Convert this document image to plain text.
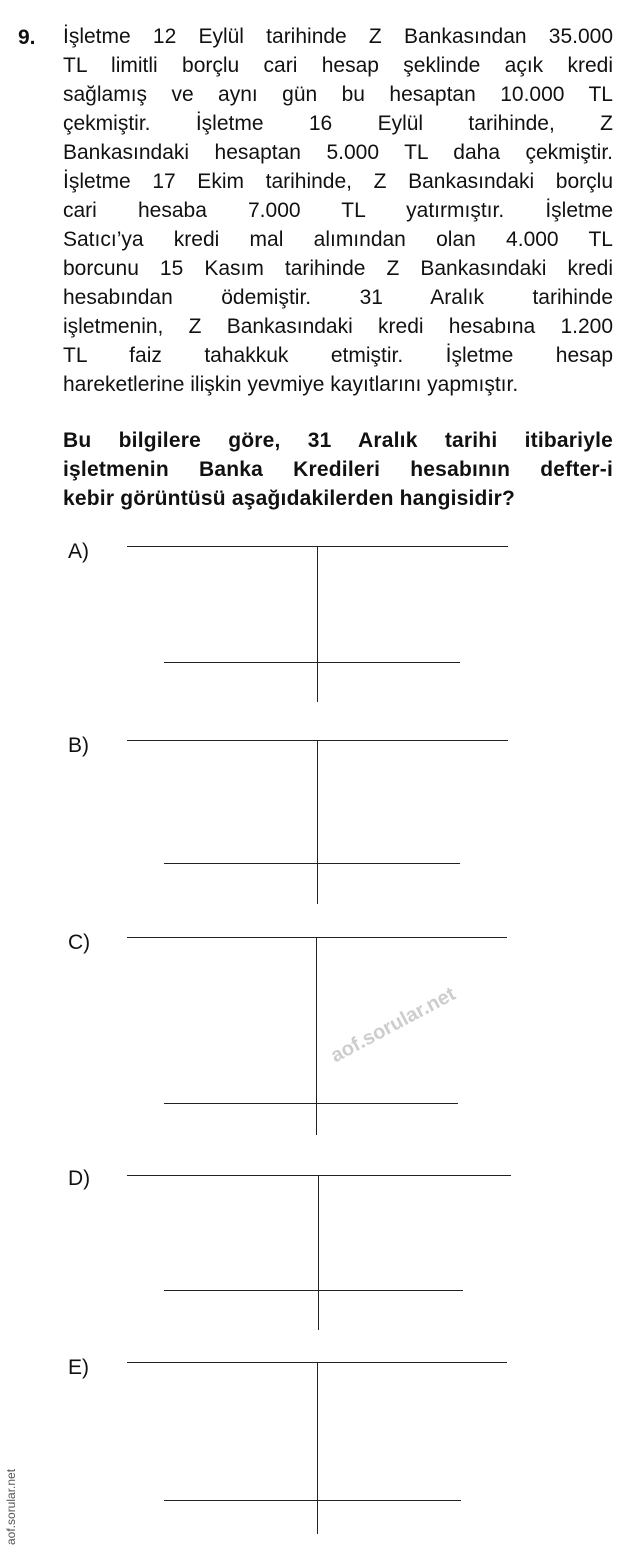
9. İşletme 12 Eylül tarihinde Z Bankasından 35.000
TL limitli borçlu cari hesap şeklinde açık kredi
sağlamış ve aynı gün bu hesaptan 10.000 TL
çekmiştir. İşletme 16 Eylül tarihinde, Z
Bankasındaki hesaptan 5.000 TL daha çekmiştir.
İşletme 17 Ekim tarihinde, Z Bankasındaki borçlu
cari hesaba 7.000 TL yatırmıştır. İşletme
Satıcı’ya kredi mal alımından olan 4.000 TL
borcunu 15 Kasım tarihinde Z Bankasındaki kredi
hesabından ödemiştir. 31 Aralık tarihinde
işletmenin, Z Bankasındaki kredi hesabına 1.200
TL faiz tahakkuk etmiştir. İşletme hesap
hareketlerine ilişkin yevmiye kayıtlarını yapmıştır.
Bu bilgilere göre, 31 Aralık tarihi itibariyle
işletmenin Banka Kredileri hesabının defter-i
kebir görüntüsü aşağıdakilerden hangisidir?
A)
B)
C)
aof.sorular.net
D)
E)
aof.sorular.net
